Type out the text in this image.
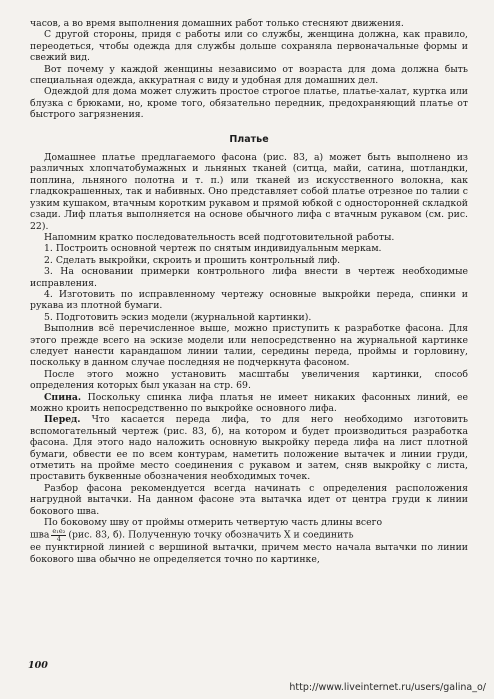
часов, а во время выполнения домашних работ только стесняют движения.

С другой стороны, придя с работы или со службы, женщина должна, как правило, переодеться, чтобы одежда для службы дольше сохраняла первоначальные формы и свежий вид.

Вот почему у каждой женщины независимо от возраста для дома должна быть специальная одежда, аккуратная с виду и удобная для домашних дел.

Одеждой для дома может служить простое строгое платье, платье-халат, куртка или блузка с брюками, но, кроме того, обязательно передник, предохраняющий платье от быстрого загрязнения.

Платье

Домашнее платье предлагаемого фасона (рис. 83, а) может быть выполнено из различных хлопчатобумажных и льняных тканей (ситца, майи, сатина, шотландки, поплина, льняного полотна и т. п.) или тканей из искусственного волокна, как гладкокрашенных, так и набивных. Оно представляет собой платье отрезное по талии с узким кушаком, втачным коротким рукавом и прямой юбкой с односторонней складкой сзади. Лиф платья выполняется на основе обычного лифа с втачным рукавом (см. рис. 22).

Напомним кратко последовательность всей подготовительной работы.

1. Построить основной чертеж по снятым индивидуальным меркам.

2. Сделать выкройки, скроить и прошить контрольный лиф.

3. На основании примерки контрольного лифа внести в чертеж необходимые исправления.

4. Изготовить по исправленному чертежу основные выкройки переда, спинки и рукава из плотной бумаги.

5. Подготовить эскиз модели (журнальной картинки).

Выполнив всё перечисленное выше, можно приступить к разработке фасона. Для этого прежде всего на эскизе модели или непосредственно на журнальной картинке следует нанести карандашом линии талии, середины переда, проймы и горловину, поскольку в данном случае последняя не подчеркнута фасоном.

После этого можно установить масштабы увеличения картинки, способ определения которых был указан на стр. 69.

Спина. Поскольку спинка лифа платья не имеет никаких фасонных линий, ее можно кроить непосредственно по выкройке основного лифа.

Перед. Что касается переда лифа, то для него необходимо изготовить вспомогательный чертеж (рис. 83, б), на котором и будет производиться разработка фасона. Для этого надо наложить основную выкройку переда лифа на лист плотной бумаги, обвести ее по всем контурам, наметить положение вытачек и линии груди, отметить на пройме место соединения с рукавом и затем, сняв выкройку с листа, проставить буквенные обозначения необходимых точек.

Разбор фасона рекомендуется всегда начинать с определения расположения нагрудной вытачки. На данном фасоне эта вытачка идет от центра груди к линии бокового шва.

По боковому шву от проймы отмерить четвертую часть длины всего

шва $\frac{\text{e₁e₂}}{4} (рис$. 83, б). Полученную точку обозначить X и соединить

ее пунктирной линией с вершиной вытачки, причем место начала вытачки по линии бокового шва обычно не определяется точно по картинке,

100
http://www.liveinternet.ru/users/galina_o/
